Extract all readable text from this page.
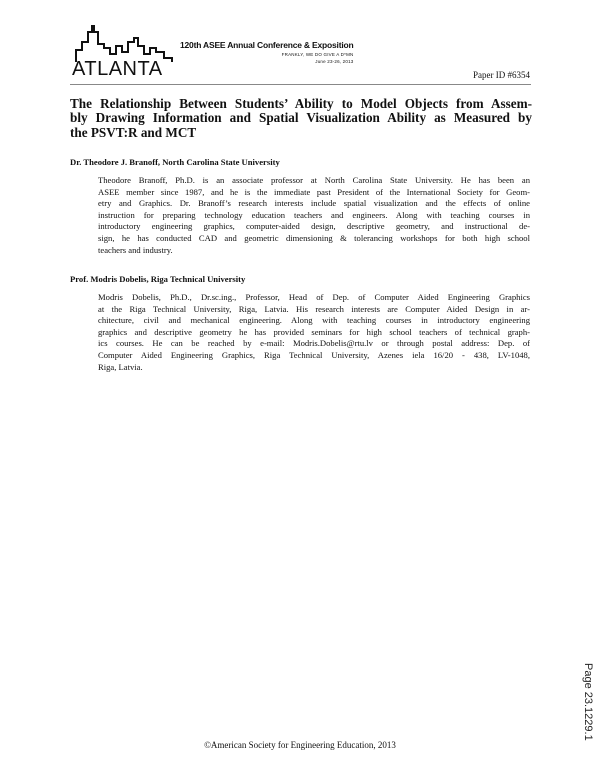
ATLANTA
120th ASEE Annual Conference & Exposition
FRANKLY, WE DO GIVE A D*MN
June 23-26, 2013
Paper ID #6354
The Relationship Between Students’ Ability to Model Objects from Assem-
bly Drawing Information and Spatial Visualization Ability as Measured by
the PSVT:R and MCT
Dr. Theodore J. Branoff, North Carolina State University
Theodore Branoff, Ph.D. is an associate professor at North Carolina State University. He has been an
ASEE member since 1987, and he is the immediate past President of the International Society for Geom-
etry and Graphics. Dr. Branoff’s research interests include spatial visualization and the effects of online
instruction for preparing technology education teachers and engineers. Along with teaching courses in
introductory engineering graphics, computer-aided design, descriptive geometry, and instructional de-
sign, he has conducted CAD and geometric dimensioning & tolerancing workshops for both high school
teachers and industry.
Prof. Modris Dobelis, Riga Technical University
Modris Dobelis, Ph.D., Dr.sc.ing., Professor, Head of Dep. of Computer Aided Engineering Graphics
at the Riga Technical University, Riga, Latvia. His research interests are Computer Aided Design in ar-
chitecture, civil and mechanical engineering. Along with teaching courses in introductory engineering
graphics and descriptive geometry he has provided seminars for high school teachers of technical graph-
ics courses. He can be reached by e-mail: Modris.Dobelis@rtu.lv or through postal address: Dep. of
Computer Aided Engineering Graphics, Riga Technical University, Azenes iela 16/20 - 438, LV-1048,
Riga, Latvia.
Page 23.1229.1
©American Society for Engineering Education, 2013
